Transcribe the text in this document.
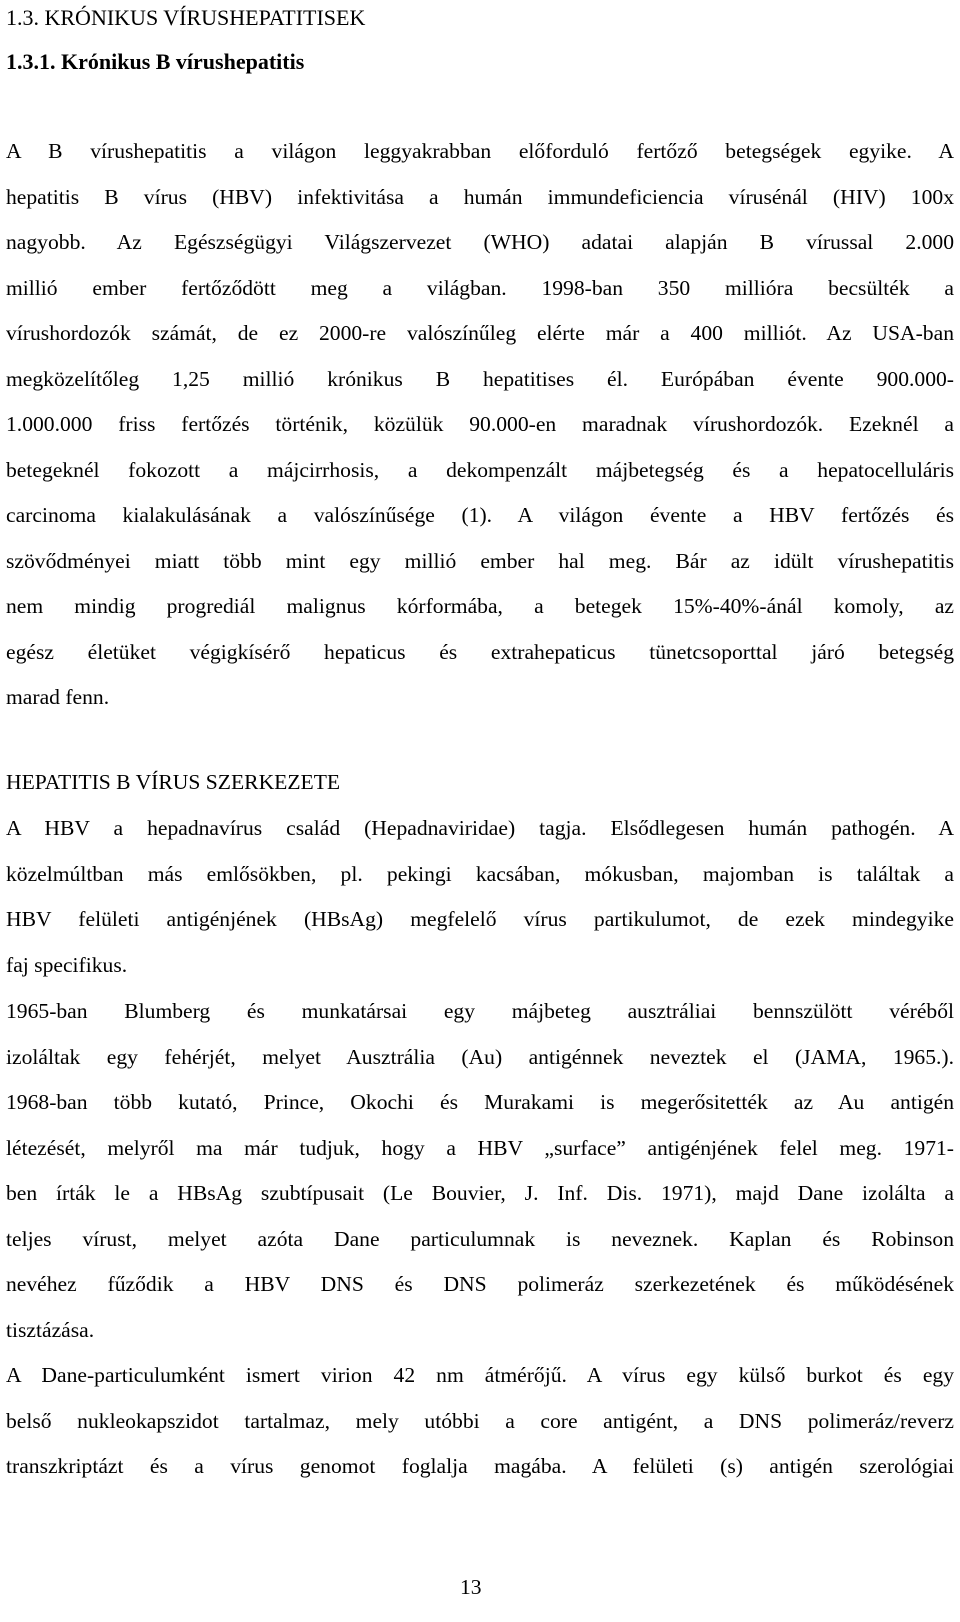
1.3. KRÓNIKUS VÍRUSHEPATITISEK
1.3.1. Krónikus B vírushepatitis
A B vírushepatitis a világon leggyakrabban előforduló fertőző betegségek egyike. A
hepatitis B vírus (HBV) infektivitása a humán immundeficiencia vírusénál (HIV) 100x
nagyobb. Az Egészségügyi Világszervezet (WHO) adatai alapján B vírussal 2.000
millió ember fertőződött meg a világban. 1998-ban 350 millióra becsülték a
vírushordozók számát, de ez 2000-re valószínűleg elérte már a 400 milliót. Az USA-ban
megközelítőleg 1,25 millió krónikus B hepatitises él. Európában évente 900.000-
1.000.000 friss fertőzés történik, közülük 90.000-en maradnak vírushordozók. Ezeknél a
betegeknél fokozott a májcirrhosis, a dekompenzált májbetegség és a hepatocelluláris
carcinoma kialakulásának a valószínűsége (1). A világon évente a HBV fertőzés és
szövődményei miatt több mint egy millió ember hal meg. Bár az idült vírushepatitis
nem mindig progrediál malignus kórformába, a betegek 15%-40%-ánál komoly, az
egész életüket végigkísérő hepaticus és extrahepaticus tünetcsoporttal járó betegség
marad fenn.
HEPATITIS B VÍRUS SZERKEZETE
A HBV a hepadnavírus család (Hepadnaviridae) tagja. Elsődlegesen humán pathogén. A
közelmúltban más emlősökben, pl. pekingi kacsában, mókusban, majomban is találtak a
HBV felületi antigénjének (HBsAg) megfelelő vírus partikulumot, de ezek mindegyike
faj specifikus.
1965-ban Blumberg és munkatársai egy májbeteg ausztráliai bennszülött véréből
izoláltak egy fehérjét, melyet Ausztrália (Au) antigénnek neveztek el (JAMA, 1965.).
1968-ban több kutató, Prince, Okochi és Murakami is megerősitették az Au antigén
létezését, melyről ma már tudjuk, hogy a HBV „surface” antigénjének felel meg. 1971-
ben írták le a HBsAg szubtípusait (Le Bouvier, J. Inf. Dis. 1971), majd Dane izolálta a
teljes vírust, melyet azóta Dane particulumnak is neveznek. Kaplan és Robinson
nevéhez fűződik a HBV DNS és DNS polimeráz szerkezetének és működésének
tisztázása.
A Dane-particulumként ismert virion 42 nm átmérőjű. A vírus egy külső burkot és egy
belső nukleokapszidot tartalmaz, mely utóbbi a core antigént, a DNS polimeráz/reverz
transzkriptázt és a vírus genomot foglalja magába. A felületi (s) antigén szerológiai
13
